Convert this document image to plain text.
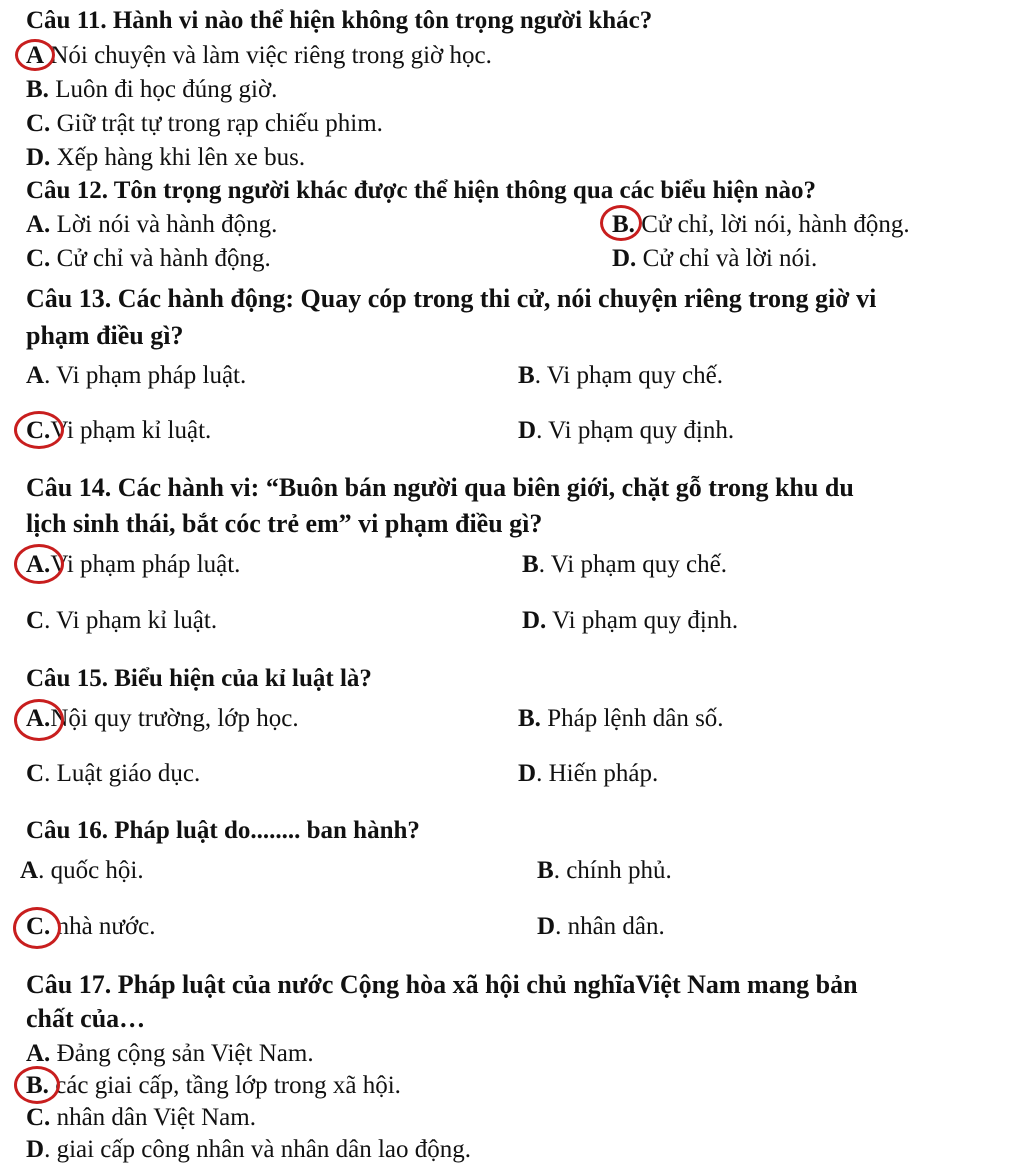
Câu 11. Hành vi nào thể hiện không tôn trọng người khác?
A Nói chuyện và làm việc riêng trong giờ học.
B. Luôn đi học đúng giờ.
C. Giữ trật tự trong rạp chiếu phim.
D. Xếp hàng khi lên xe bus.
Câu 12. Tôn trọng người khác được thể hiện thông qua các biểu hiện nào?
A. Lời nói và hành động.	B. Cử chỉ, lời nói, hành động.
C. Cử chỉ và hành động.	D. Cử chỉ và lời nói.
Câu 13. Các hành động: Quay cóp trong thi cử, nói chuyện riêng trong giờ vi
phạm điều gì?
A. Vi phạm pháp luật.	B. Vi phạm quy chế.
C.Vi phạm kỉ luật.	D. Vi phạm quy định.
Câu 14. Các hành vi: “Buôn bán người qua biên giới, chặt gỗ trong khu du
lịch sinh thái, bắt cóc trẻ em” vi phạm điều gì?
A.Vi phạm pháp luật.	B. Vi phạm quy chế.
C. Vi phạm kỉ luật.	D. Vi phạm quy định.
Câu 15. Biểu hiện của kỉ luật là?
A.Nội quy trường, lớp học.	B. Pháp lệnh dân số.
C. Luật giáo dục.	D. Hiến pháp.
Câu 16. Pháp luật do........ ban hành?
A. quốc hội.	B. chính phủ.
C. nhà nước.	D. nhân dân.
Câu 17. Pháp luật của nước Cộng hòa xã hội chủ nghĩaViệt Nam mang bản
chất của…
A. Đảng cộng sản Việt Nam.
B. các giai cấp, tầng lớp trong xã hội.
C. nhân dân Việt Nam.
D. giai cấp công nhân và nhân dân lao động.
